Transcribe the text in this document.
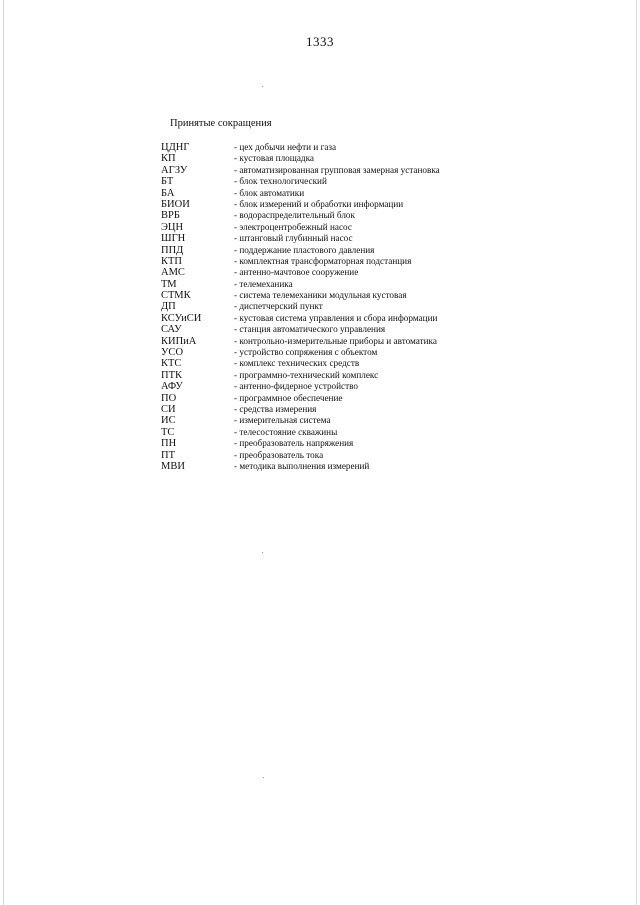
1333
Принятые сокращения
ЦДНГ	- цех добычи нефти и газа
КП	- кустовая площадка
АГЗУ	- автоматизированная групповая замерная установка
БТ	- блок технологический
БА	- блок автоматики
БИОИ	- блок измерений и обработки информации
ВРБ	- водораспределительный блок
ЭЦН	- электроцентробежный насос
ШГН	- штанговый глубинный насос
ППД	- поддержание пластового давления
КТП	- комплектная трансформаторная подстанция
АМС	- антенно-мачтовое сооружение
ТМ	- телемеханика
СТМК	- система телемеханики модульная кустовая
ДП	- диспетчерский пункт
КСУиСИ	- кустовая система управления и сбора информации
САУ	- станция автоматического управления
КИПиА	- контрольно-измерительные приборы и автоматика
УСО	- устройство сопряжения с объектом
КТС	- комплекс технических средств
ПТК	- программно-технический комплекс
АФУ	- антенно-фидерное устройство
ПО	- программное обеспечение
СИ	- средства измерения
ИС	- измерительная система
ТС	- телесостояние скважины
ПН	- преобразователь напряжения
ПТ	- преобразователь тока
МВИ	- методика выполнения измерений
